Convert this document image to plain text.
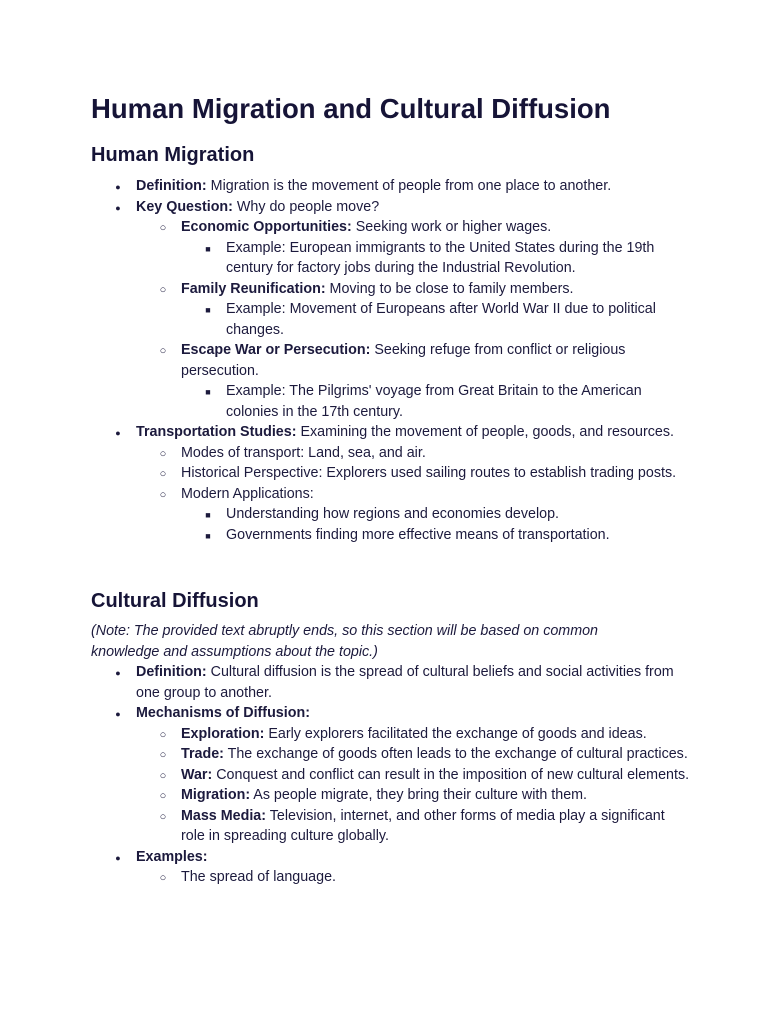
Human Migration and Cultural Diffusion
Human Migration
●
Definition: Migration is the movement of people from one place to another.
●
Key Question: Why do people move?
○
Economic Opportunities: Seeking work or higher wages.
■
Example: European immigrants to the United States during the 19th century for factory jobs during the Industrial Revolution.
○
Family Reunification: Moving to be close to family members.
■
Example: Movement of Europeans after World War II due to political changes.
○
Escape War or Persecution: Seeking refuge from conflict or religious persecution.
■
Example: The Pilgrims' voyage from Great Britain to the American colonies in the 17th century.
●
Transportation Studies: Examining the movement of people, goods, and resources.
○
Modes of transport: Land, sea, and air.
○
Historical Perspective: Explorers used sailing routes to establish trading posts.
○
Modern Applications:
■
Understanding how regions and economies develop.
■
Governments finding more effective means of transportation.
Cultural Diffusion
(Note: The provided text abruptly ends, so this section will be based on common knowledge and assumptions about the topic.)
●
Definition: Cultural diffusion is the spread of cultural beliefs and social activities from one group to another.
●
Mechanisms of Diffusion:
○
Exploration: Early explorers facilitated the exchange of goods and ideas.
○
Trade: The exchange of goods often leads to the exchange of cultural practices.
○
War: Conquest and conflict can result in the imposition of new cultural elements.
○
Migration: As people migrate, they bring their culture with them.
○
Mass Media: Television, internet, and other forms of media play a significant role in spreading culture globally.
●
Examples:
○
The spread of language.
